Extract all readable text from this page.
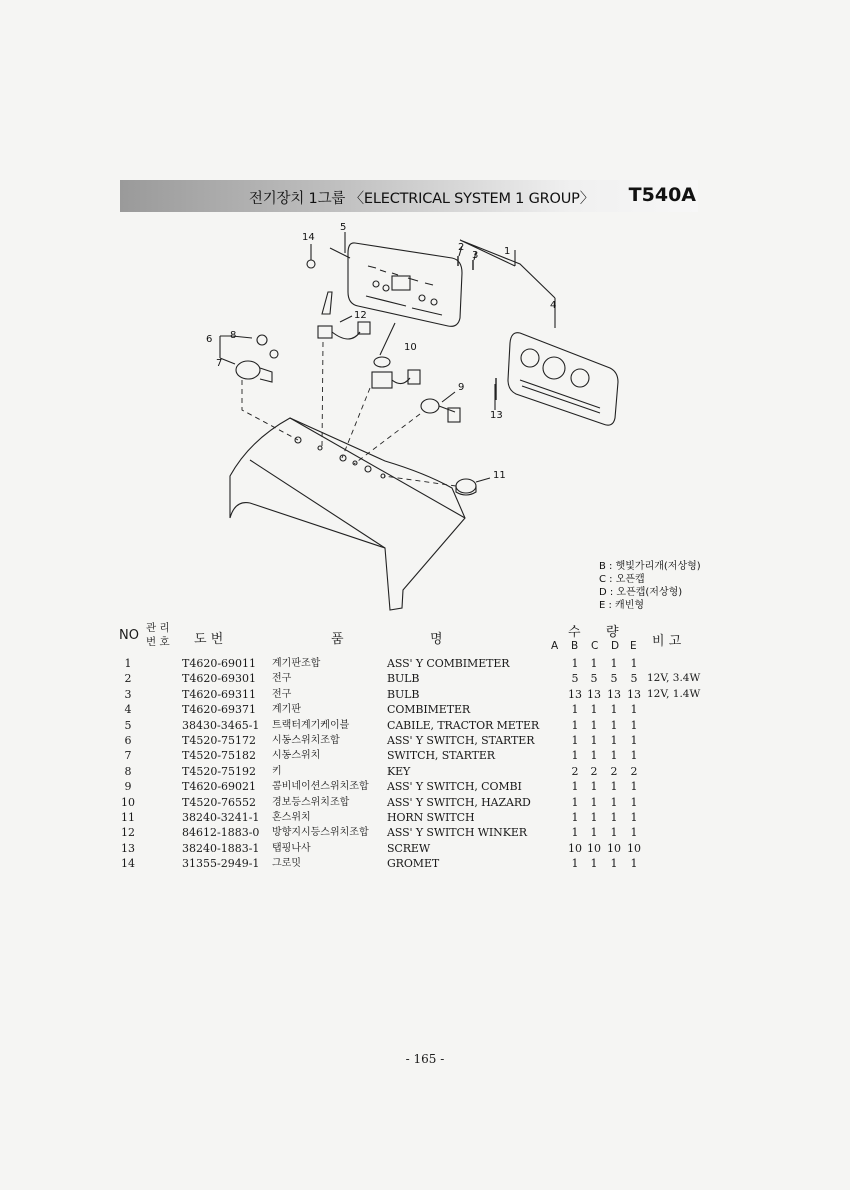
전기장치 1그룹 〈ELECTRICAL SYSTEM 1 GROUP〉 T540A
1
2
3
4
5
6
7
8
9
10
11
12
13
14
B : 햇빛가리개(저상형)
C : 오픈캡
D : 오픈캡(저상형)
E : 캐빈형
NO 관 리
번 호 도 번	품	명	수 량
A B C D E 비 고
1	T4620-69011 계기판조합	ASS' Y COMBIMETER	1	1	1	1
2	T4620-69301 전구	BULB	5	5	5	5 12V, 3.4W
3	T4620-69311 전구	BULB	13 13 13 13 12V, 1.4W
4	T4620-69371 계기판	COMBIMETER	1	1	1	1
5	38430-3465-1 트랙터계기케이블	CABILE, TRACTOR METER	1	1	1	1
6	T4520-75172 시동스위치조합	ASS' Y SWITCH, STARTER	1	1	1	1
7	T4520-75182 시동스위치	SWITCH, STARTER	1	1	1	1
8	T4520-75192 키	KEY	2	2	2	2
9	T4620-69021 콤비네이션스위치조합 ASS' Y SWITCH, COMBI	1	1	1	1
10	T4520-76552 경보등스위치조합	ASS' Y SWITCH, HAZARD	1	1	1	1
11	38240-3241-1 혼스위치	HORN SWITCH	1	1	1	1
12	84612-1883-0 방향지시등스위치조합 ASS' Y SWITCH WINKER	1	1	1	1
13	38240-1883-1 탭핑나사	SCREW	10 10 10 10
14	31355-2949-1 그로밋	GROMET	1	1	1	1
- 165 -
